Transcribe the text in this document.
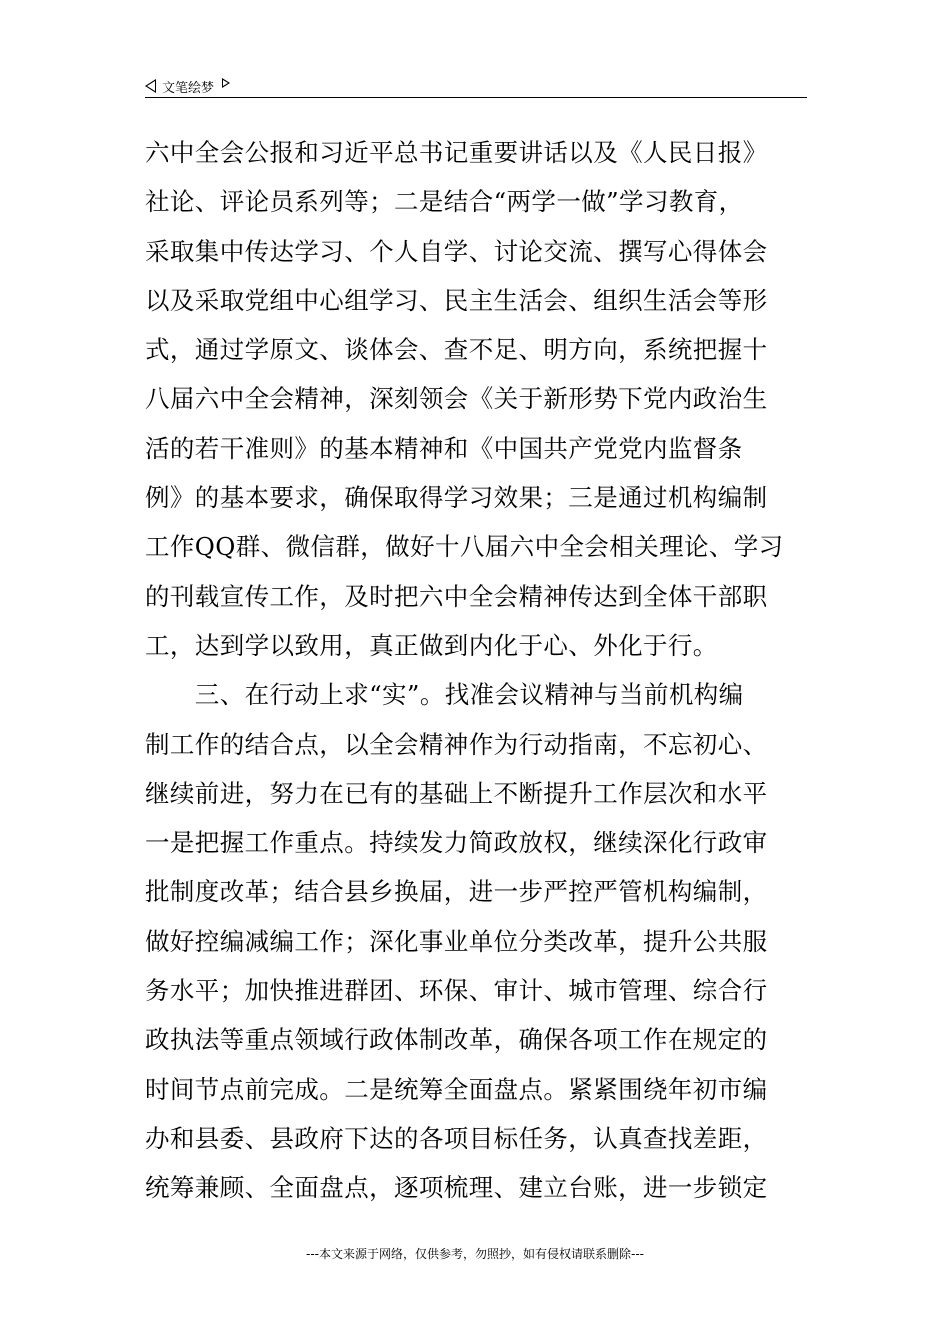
文笔绘梦
六中全会公报和习近平总书记重要讲话以及《人民日报》
社论、评论员系列等；二是结合“两学一做”学习教育，
采取集中传达学习、个人自学、讨论交流、撰写心得体会
以及采取党组中心组学习、民主生活会、组织生活会等形
式，通过学原文、谈体会、查不足、明方向，系统把握十
八届六中全会精神，深刻领会《关于新形势下党内政治生
活的若干准则》的基本精神和《中国共产党党内监督条
例》的基本要求，确保取得学习效果；三是通过机构编制
工作QQ群、微信群，做好十八届六中全会相关理论、学习
的刊载宣传工作，及时把六中全会精神传达到全体干部职
工，达到学以致用，真正做到内化于心、外化于行。
　　三、在行动上求“实”。找准会议精神与当前机构编
制工作的结合点，以全会精神作为行动指南，不忘初心、
继续前进，努力在已有的基础上不断提升工作层次和水平
一是把握工作重点。持续发力简政放权，继续深化行政审
批制度改革；结合县乡换届，进一步严控严管机构编制，
做好控编减编工作；深化事业单位分类改革，提升公共服
务水平；加快推进群团、环保、审计、城市管理、综合行
政执法等重点领域行政体制改革，确保各项工作在规定的
时间节点前完成。二是统筹全面盘点。紧紧围绕年初市编
办和县委、县政府下达的各项目标任务，认真查找差距，
统筹兼顾、全面盘点，逐项梳理、建立台账，进一步锁定
---本文来源于网络，仅供参考，勿照抄，如有侵权请联系删除---
